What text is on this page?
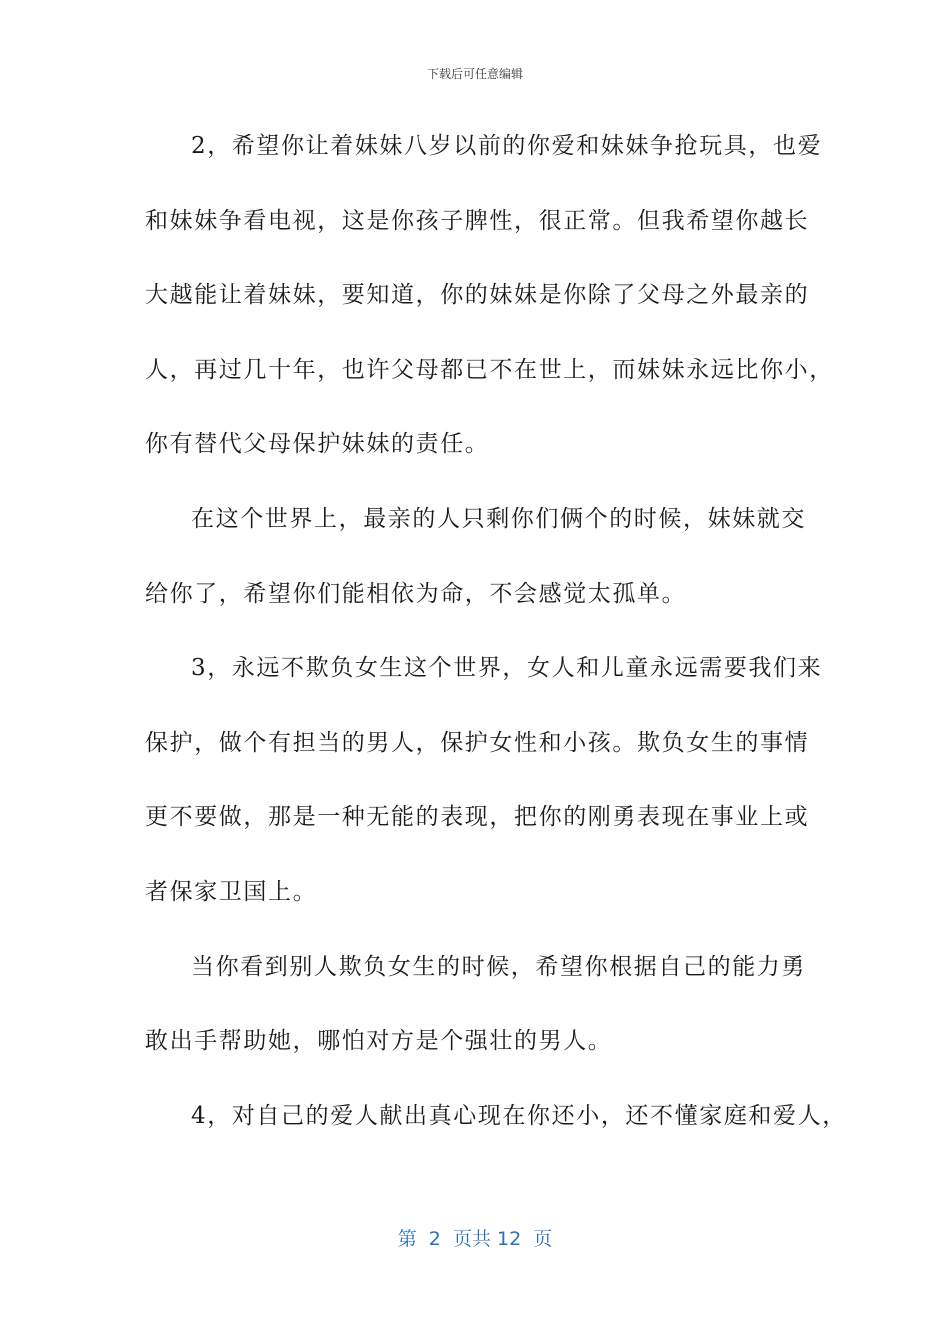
下载后可任意编辑
2，希望你让着妹妹八岁以前的你爱和妹妹争抢玩具，也爱
和妹妹争看电视，这是你孩子脾性，很正常。但我希望你越长
大越能让着妹妹，要知道，你的妹妹是你除了父母之外最亲的
人，再过几十年，也许父母都已不在世上，而妹妹永远比你小，
你有替代父母保护妹妹的责任。
在这个世界上，最亲的人只剩你们俩个的时候，妹妹就交
给你了，希望你们能相依为命，不会感觉太孤单。
3，永远不欺负女生这个世界，女人和儿童永远需要我们来
保护，做个有担当的男人，保护女性和小孩。欺负女生的事情
更不要做，那是一种无能的表现，把你的刚勇表现在事业上或
者保家卫国上。
当你看到别人欺负女生的时候，希望你根据自己的能力勇
敢出手帮助她，哪怕对方是个强壮的男人。
4，对自己的爱人献出真心现在你还小，还不懂家庭和爱人，
第  2  页共 12  页
